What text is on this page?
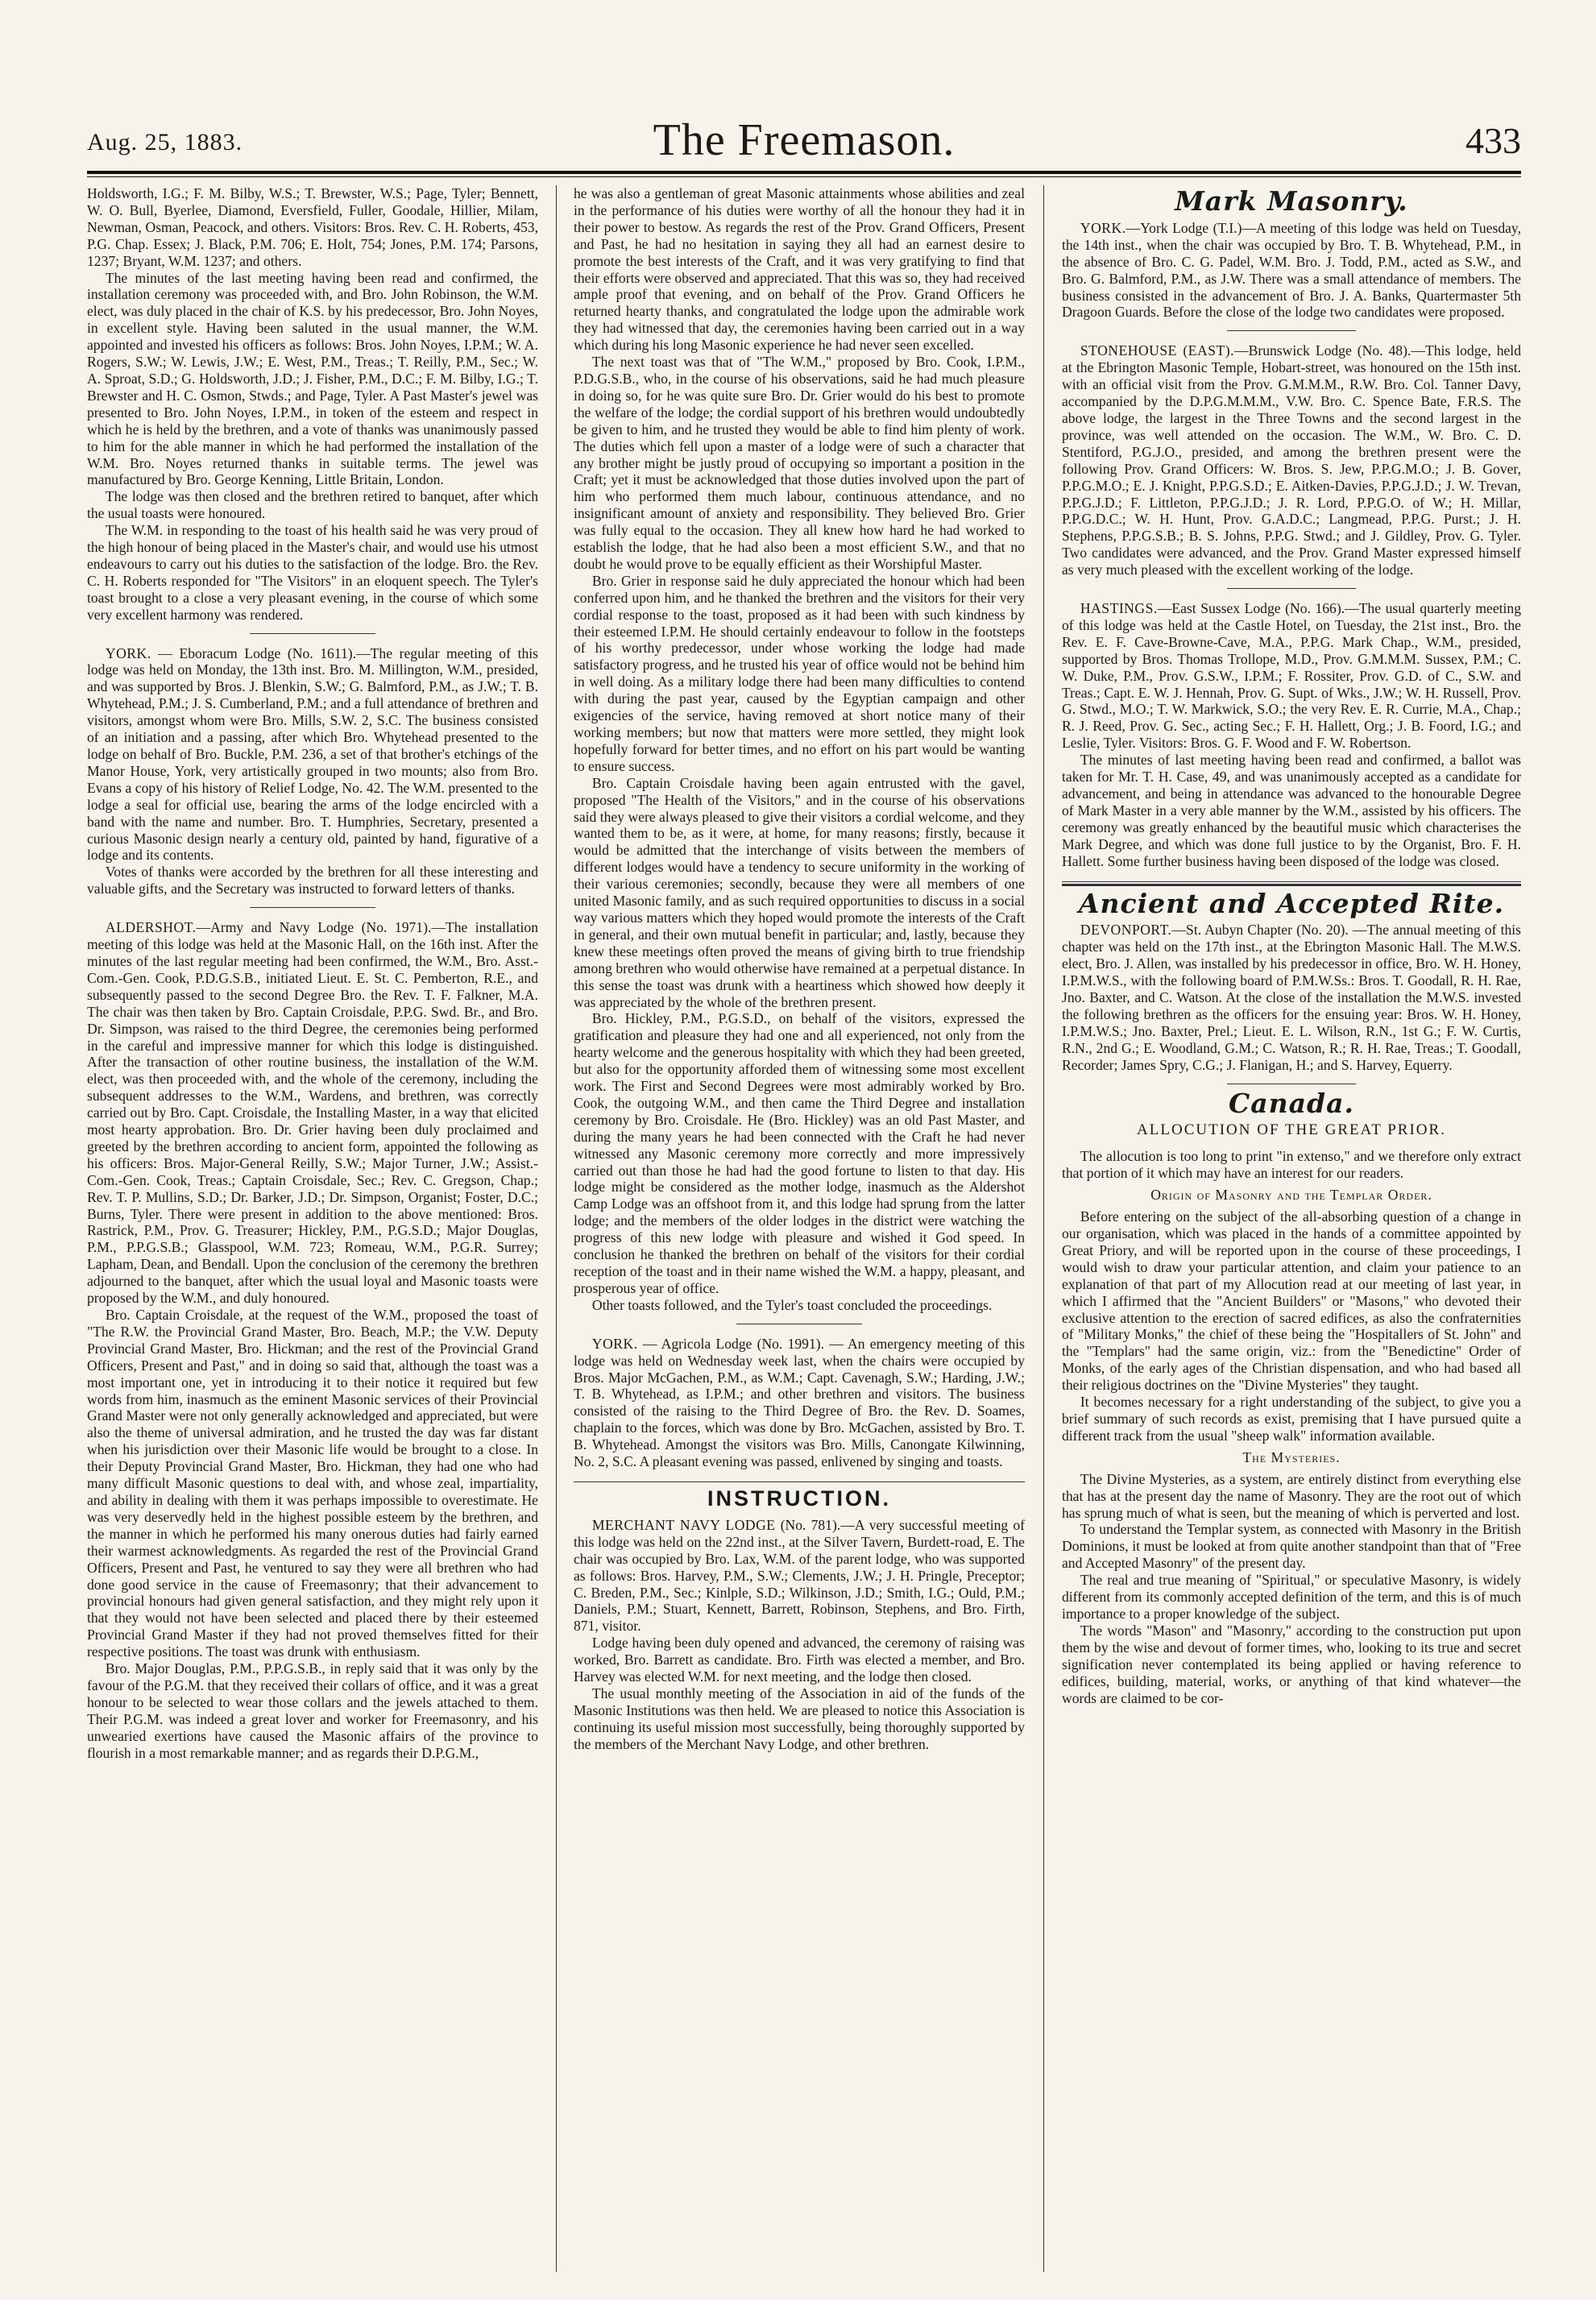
Aug. 25, 1883.	The Freemason.	433

Holdsworth, I.G.; F. M. Bilby, W.S.; T. Brewster, W.S.; Page, Tyler; Bennett, W. O. Bull, Byerlee, Diamond, Eversfield, Fuller, Goodale, Hillier, Milam, Newman, Osman, Peacock, and others. Visitors: Bros. Rev. C. H. Roberts, 453, P.G. Chap. Essex; J. Black, P.M. 706; E. Holt, 754; Jones, P.M. 174; Parsons, 1237; Bryant, W.M. 1237; and others.

The minutes of the last meeting having been read and confirmed, the installation ceremony was proceeded with, and Bro. John Robinson, the W.M. elect, was duly placed in the chair of K.S. by his predecessor, Bro. John Noyes, in excellent style. Having been saluted in the usual manner, the W.M. appointed and invested his officers as follows: Bros. John Noyes, I.P.M.; W. A. Rogers, S.W.; W. Lewis, J.W.; E. West, P.M., Treas.; T. Reilly, P.M., Sec.; W. A. Sproat, S.D.; G. Holdsworth, J.D.; J. Fisher, P.M., D.C.; F. M. Bilby, I.G.; T. Brewster and H. C. Osmon, Stwds.; and Page, Tyler. A Past Master's jewel was presented to Bro. John Noyes, I.P.M., in token of the esteem and respect in which he is held by the brethren, and a vote of thanks was unanimously passed to him for the able manner in which he had performed the installation of the W.M. Bro. Noyes returned thanks in suitable terms. The jewel was manufactured by Bro. George Kenning, Little Britain, London.

The lodge was then closed and the brethren retired to banquet, after which the usual toasts were honoured.

The W.M. in responding to the toast of his health said he was very proud of the high honour of being placed in the Master's chair, and would use his utmost endeavours to carry out his duties to the satisfaction of the lodge. Bro. the Rev. C. H. Roberts responded for "The Visitors" in an eloquent speech. The Tyler's toast brought to a close a very pleasant evening, in the course of which some very excellent harmony was rendered.

YORK. — Eboracum Lodge (No. 1611).—The regular meeting of this lodge was held on Monday, the 13th inst. Bro. M. Millington, W.M., presided, and was supported by Bros. J. Blenkin, S.W.; G. Balmford, P.M., as J.W.; T. B. Whytehead, P.M.; J. S. Cumberland, P.M.; and a full attendance of brethren and visitors, amongst whom were Bro. Mills, S.W. 2, S.C. The business consisted of an initiation and a passing, after which Bro. Whytehead presented to the lodge on behalf of Bro. Buckle, P.M. 236, a set of that brother's etchings of the Manor House, York, very artistically grouped in two mounts; also from Bro. Evans a copy of his history of Relief Lodge, No. 42. The W.M. presented to the lodge a seal for official use, bearing the arms of the lodge encircled with a band with the name and number. Bro. T. Humphries, Secretary, presented a curious Masonic design nearly a century old, painted by hand, figurative of a lodge and its contents.

Votes of thanks were accorded by the brethren for all these interesting and valuable gifts, and the Secretary was instructed to forward letters of thanks.

ALDERSHOT.—Army and Navy Lodge (No. 1971).—The installation meeting of this lodge was held at the Masonic Hall, on the 16th inst. After the minutes of the last regular meeting had been confirmed, the W.M., Bro. Asst.-Com.-Gen. Cook, P.D.G.S.B., initiated Lieut. E. St. C. Pemberton, R.E., and subsequently passed to the second Degree Bro. the Rev. T. F. Falkner, M.A. The chair was then taken by Bro. Captain Croisdale, P.P.G. Swd. Br., and Bro. Dr. Simpson, was raised to the third Degree, the ceremonies being performed in the careful and impressive manner for which this lodge is distinguished. After the transaction of other routine business, the installation of the W.M. elect, was then proceeded with, and the whole of the ceremony, including the subsequent addresses to the W.M., Wardens, and brethren, was correctly carried out by Bro. Capt. Croisdale, the Installing Master, in a way that elicited most hearty approbation. Bro. Dr. Grier having been duly proclaimed and greeted by the brethren according to ancient form, appointed the following as his officers: Bros. Major-General Reilly, S.W.; Major Turner, J.W.; Assist.-Com.-Gen. Cook, Treas.; Captain Croisdale, Sec.; Rev. C. Gregson, Chap.; Rev. T. P. Mullins, S.D.; Dr. Barker, J.D.; Dr. Simpson, Organist; Foster, D.C.; Burns, Tyler. There were present in addition to the above mentioned: Bros. Rastrick, P.M., Prov. G. Treasurer; Hickley, P.M., P.G.S.D.; Major Douglas, P.M., P.P.G.S.B.; Glasspool, W.M. 723; Romeau, W.M., P.G.R. Surrey; Lapham, Dean, and Bendall. Upon the conclusion of the ceremony the brethren adjourned to the banquet, after which the usual loyal and Masonic toasts were proposed by the W.M., and duly honoured.

Bro. Captain Croisdale, at the request of the W.M., proposed the toast of "The R.W. the Provincial Grand Master, Bro. Beach, M.P.; the V.W. Deputy Provincial Grand Master, Bro. Hickman; and the rest of the Provincial Grand Officers, Present and Past," and in doing so said that, although the toast was a most important one, yet in introducing it to their notice it required but few words from him, inasmuch as the eminent Masonic services of their Provincial Grand Master were not only generally acknowledged and appreciated, but were also the theme of universal admiration, and he trusted the day was far distant when his jurisdiction over their Masonic life would be brought to a close. In their Deputy Provincial Grand Master, Bro. Hickman, they had one who had many difficult Masonic questions to deal with, and whose zeal, impartiality, and ability in dealing with them it was perhaps impossible to overestimate. He was very deservedly held in the highest possible esteem by the brethren, and the manner in which he performed his many onerous duties had fairly earned their warmest acknowledgments. As regarded the rest of the Provincial Grand Officers, Present and Past, he ventured to say they were all brethren who had done good service in the cause of Freemasonry; that their advancement to provincial honours had given general satisfaction, and they might rely upon it that they would not have been selected and placed there by their esteemed Provincial Grand Master if they had not proved themselves fitted for their respective positions. The toast was drunk with enthusiasm.

Bro. Major Douglas, P.M., P.P.G.S.B., in reply said that it was only by the favour of the P.G.M. that they received their collars of office, and it was a great honour to be selected to wear those collars and the jewels attached to them. Their P.G.M. was indeed a great lover and worker for Freemasonry, and his unwearied exertions have caused the Masonic affairs of the province to flourish in a most remarkable manner; and as regards their D.P.G.M.,

he was also a gentleman of great Masonic attainments whose abilities and zeal in the performance of his duties were worthy of all the honour they had it in their power to bestow. As regards the rest of the Prov. Grand Officers, Present and Past, he had no hesitation in saying they all had an earnest desire to promote the best interests of the Craft, and it was very gratifying to find that their efforts were observed and appreciated. That this was so, they had received ample proof that evening, and on behalf of the Prov. Grand Officers he returned hearty thanks, and congratulated the lodge upon the admirable work they had witnessed that day, the ceremonies having been carried out in a way which during his long Masonic experience he had never seen excelled.

The next toast was that of "The W.M.," proposed by Bro. Cook, I.P.M., P.D.G.S.B., who, in the course of his observations, said he had much pleasure in doing so, for he was quite sure Bro. Dr. Grier would do his best to promote the welfare of the lodge; the cordial support of his brethren would undoubtedly be given to him, and he trusted they would be able to find him plenty of work. The duties which fell upon a master of a lodge were of such a character that any brother might be justly proud of occupying so important a position in the Craft; yet it must be acknowledged that those duties involved upon the part of him who performed them much labour, continuous attendance, and no insignificant amount of anxiety and responsibility. They believed Bro. Grier was fully equal to the occasion. They all knew how hard he had worked to establish the lodge, that he had also been a most efficient S.W., and that no doubt he would prove to be equally efficient as their Worshipful Master.

Bro. Grier in response said he duly appreciated the honour which had been conferred upon him, and he thanked the brethren and the visitors for their very cordial response to the toast, proposed as it had been with such kindness by their esteemed I.P.M. He should certainly endeavour to follow in the footsteps of his worthy predecessor, under whose working the lodge had made satisfactory progress, and he trusted his year of office would not be behind him in well doing. As a military lodge there had been many difficulties to contend with during the past year, caused by the Egyptian campaign and other exigencies of the service, having removed at short notice many of their working members; but now that matters were more settled, they might look hopefully forward for better times, and no effort on his part would be wanting to ensure success.

Bro. Captain Croisdale having been again entrusted with the gavel, proposed "The Health of the Visitors," and in the course of his observations said they were always pleased to give their visitors a cordial welcome, and they wanted them to be, as it were, at home, for many reasons; firstly, because it would be admitted that the interchange of visits between the members of different lodges would have a tendency to secure uniformity in the working of their various ceremonies; secondly, because they were all members of one united Masonic family, and as such required opportunities to discuss in a social way various matters which they hoped would promote the interests of the Craft in general, and their own mutual benefit in particular; and, lastly, because they knew these meetings often proved the means of giving birth to true friendship among brethren who would otherwise have remained at a perpetual distance. In this sense the toast was drunk with a heartiness which showed how deeply it was appreciated by the whole of the brethren present.

Bro. Hickley, P.M., P.G.S.D., on behalf of the visitors, expressed the gratification and pleasure they had one and all experienced, not only from the hearty welcome and the generous hospitality with which they had been greeted, but also for the opportunity afforded them of witnessing some most excellent work. The First and Second Degrees were most admirably worked by Bro. Cook, the outgoing W.M., and then came the Third Degree and installation ceremony by Bro. Croisdale. He (Bro. Hickley) was an old Past Master, and during the many years he had been connected with the Craft he had never witnessed any Masonic ceremony more correctly and more impressively carried out than those he had had the good fortune to listen to that day. His lodge might be considered as the mother lodge, inasmuch as the Aldershot Camp Lodge was an offshoot from it, and this lodge had sprung from the latter lodge; and the members of the older lodges in the district were watching the progress of this new lodge with pleasure and wished it God speed. In conclusion he thanked the brethren on behalf of the visitors for their cordial reception of the toast and in their name wished the W.M. a happy, pleasant, and prosperous year of office.

Other toasts followed, and the Tyler's toast concluded the proceedings.

YORK. — Agricola Lodge (No. 1991). — An emergency meeting of this lodge was held on Wednesday week last, when the chairs were occupied by Bros. Major McGachen, P.M., as W.M.; Capt. Cavenagh, S.W.; Harding, J.W.; T. B. Whytehead, as I.P.M.; and other brethren and visitors. The business consisted of the raising to the Third Degree of Bro. the Rev. D. Soames, chaplain to the forces, which was done by Bro. McGachen, assisted by Bro. T. B. Whytehead. Amongst the visitors was Bro. Mills, Canongate Kilwinning, No. 2, S.C. A pleasant evening was passed, enlivened by singing and toasts.

INSTRUCTION.

MERCHANT NAVY LODGE (No. 781).—A very successful meeting of this lodge was held on the 22nd inst., at the Silver Tavern, Burdett-road, E. The chair was occupied by Bro. Lax, W.M. of the parent lodge, who was supported as follows: Bros. Harvey, P.M., S.W.; Clements, J.W.; J. H. Pringle, Preceptor; C. Breden, P.M., Sec.; Kinlple, S.D.; Wilkinson, J.D.; Smith, I.G.; Ould, P.M.; Daniels, P.M.; Stuart, Kennett, Barrett, Robinson, Stephens, and Bro. Firth, 871, visitor.

Lodge having been duly opened and advanced, the ceremony of raising was worked, Bro. Barrett as candidate. Bro. Firth was elected a member, and Bro. Harvey was elected W.M. for next meeting, and the lodge then closed.

The usual monthly meeting of the Association in aid of the funds of the Masonic Institutions was then held. We are pleased to notice this Association is continuing its useful mission most successfully, being thoroughly supported by the members of the Merchant Navy Lodge, and other brethren.

Mark Masonry.

YORK.—York Lodge (T.I.)—A meeting of this lodge was held on Tuesday, the 14th inst., when the chair was occupied by Bro. T. B. Whytehead, P.M., in the absence of Bro. C. G. Padel, W.M. Bro. J. Todd, P.M., acted as S.W., and Bro. G. Balmford, P.M., as J.W. There was a small attendance of members. The business consisted in the advancement of Bro. J. A. Banks, Quartermaster 5th Dragoon Guards. Before the close of the lodge two candidates were proposed.

STONEHOUSE (EAST).—Brunswick Lodge (No. 48).—This lodge, held at the Ebrington Masonic Temple, Hobart-street, was honoured on the 15th inst. with an official visit from the Prov. G.M.M.M., R.W. Bro. Col. Tanner Davy, accompanied by the D.P.G.M.M.M., V.W. Bro. C. Spence Bate, F.R.S. The above lodge, the largest in the Three Towns and the second largest in the province, was well attended on the occasion. The W.M., W. Bro. C. D. Stentiford, P.G.J.O., presided, and among the brethren present were the following Prov. Grand Officers: W. Bros. S. Jew, P.P.G.M.O.; J. B. Gover, P.P.G.M.O.; E. J. Knight, P.P.G.S.D.; E. Aitken-Davies, P.P.G.J.D.; J. W. Trevan, P.P.G.J.D.; F. Littleton, P.P.G.J.D.; J. R. Lord, P.P.G.O. of W.; H. Millar, P.P.G.D.C.; W. H. Hunt, Prov. G.A.D.C.; Langmead, P.P.G. Purst.; J. H. Stephens, P.P.G.S.B.; B. S. Johns, P.P.G. Stwd.; and J. Gildley, Prov. G. Tyler. Two candidates were advanced, and the Prov. Grand Master expressed himself as very much pleased with the excellent working of the lodge.

HASTINGS.—East Sussex Lodge (No. 166).—The usual quarterly meeting of this lodge was held at the Castle Hotel, on Tuesday, the 21st inst., Bro. the Rev. E. F. Cave-Browne-Cave, M.A., P.P.G. Mark Chap., W.M., presided, supported by Bros. Thomas Trollope, M.D., Prov. G.M.M.M. Sussex, P.M.; C. W. Duke, P.M., Prov. G.S.W., I.P.M.; F. Rossiter, Prov. G.D. of C., S.W. and Treas.; Capt. E. W. J. Hennah, Prov. G. Supt. of Wks., J.W.; W. H. Russell, Prov. G. Stwd., M.O.; T. W. Markwick, S.O.; the very Rev. E. R. Currie, M.A., Chap.; R. J. Reed, Prov. G. Sec., acting Sec.; F. H. Hallett, Org.; J. B. Foord, I.G.; and Leslie, Tyler. Visitors: Bros. G. F. Wood and F. W. Robertson.

The minutes of last meeting having been read and confirmed, a ballot was taken for Mr. T. H. Case, 49, and was unanimously accepted as a candidate for advancement, and being in attendance was advanced to the honourable Degree of Mark Master in a very able manner by the W.M., assisted by his officers. The ceremony was greatly enhanced by the beautiful music which characterises the Mark Degree, and which was done full justice to by the Organist, Bro. F. H. Hallett. Some further business having been disposed of the lodge was closed.

Ancient and Accepted Rite.

DEVONPORT.—St. Aubyn Chapter (No. 20). —The annual meeting of this chapter was held on the 17th inst., at the Ebrington Masonic Hall. The M.W.S. elect, Bro. J. Allen, was installed by his predecessor in office, Bro. W. H. Honey, I.P.M.W.S., with the following board of P.M.W.Ss.: Bros. T. Goodall, R. H. Rae, Jno. Baxter, and C. Watson. At the close of the installation the M.W.S. invested the following brethren as the officers for the ensuing year: Bros. W. H. Honey, I.P.M.W.S.; Jno. Baxter, Prel.; Lieut. E. L. Wilson, R.N., 1st G.; F. W. Curtis, R.N., 2nd G.; E. Woodland, G.M.; C. Watson, R.; R. H. Rae, Treas.; T. Goodall, Recorder; James Spry, C.G.; J. Flanigan, H.; and S. Harvey, Equerry.

Canada.
ALLOCUTION OF THE GREAT PRIOR.

The allocution is too long to print "in extenso," and we therefore only extract that portion of it which may have an interest for our readers.

Origin of Masonry and the Templar Order.

Before entering on the subject of the all-absorbing question of a change in our organisation, which was placed in the hands of a committee appointed by Great Priory, and will be reported upon in the course of these proceedings, I would wish to draw your particular attention, and claim your patience to an explanation of that part of my Allocution read at our meeting of last year, in which I affirmed that the "Ancient Builders" or "Masons," who devoted their exclusive attention to the erection of sacred edifices, as also the confraternities of "Military Monks," the chief of these being the "Hospitallers of St. John" and the "Templars" had the same origin, viz.: from the "Benedictine" Order of Monks, of the early ages of the Christian dispensation, and who had based all their religious doctrines on the "Divine Mysteries" they taught.

It becomes necessary for a right understanding of the subject, to give you a brief summary of such records as exist, premising that I have pursued quite a different track from the usual "sheep walk" information available.

The Mysteries.

The Divine Mysteries, as a system, are entirely distinct from everything else that has at the present day the name of Masonry. They are the root out of which has sprung much of what is seen, but the meaning of which is perverted and lost.

To understand the Templar system, as connected with Masonry in the British Dominions, it must be looked at from quite another standpoint than that of "Free and Accepted Masonry" of the present day.

The real and true meaning of "Spiritual," or speculative Masonry, is widely different from its commonly accepted definition of the term, and this is of much importance to a proper knowledge of the subject.

The words "Mason" and "Masonry," according to the construction put upon them by the wise and devout of former times, who, looking to its true and secret signification never contemplated its being applied or having reference to edifices, building, material, works, or anything of that kind whatever—the words are claimed to be cor-
